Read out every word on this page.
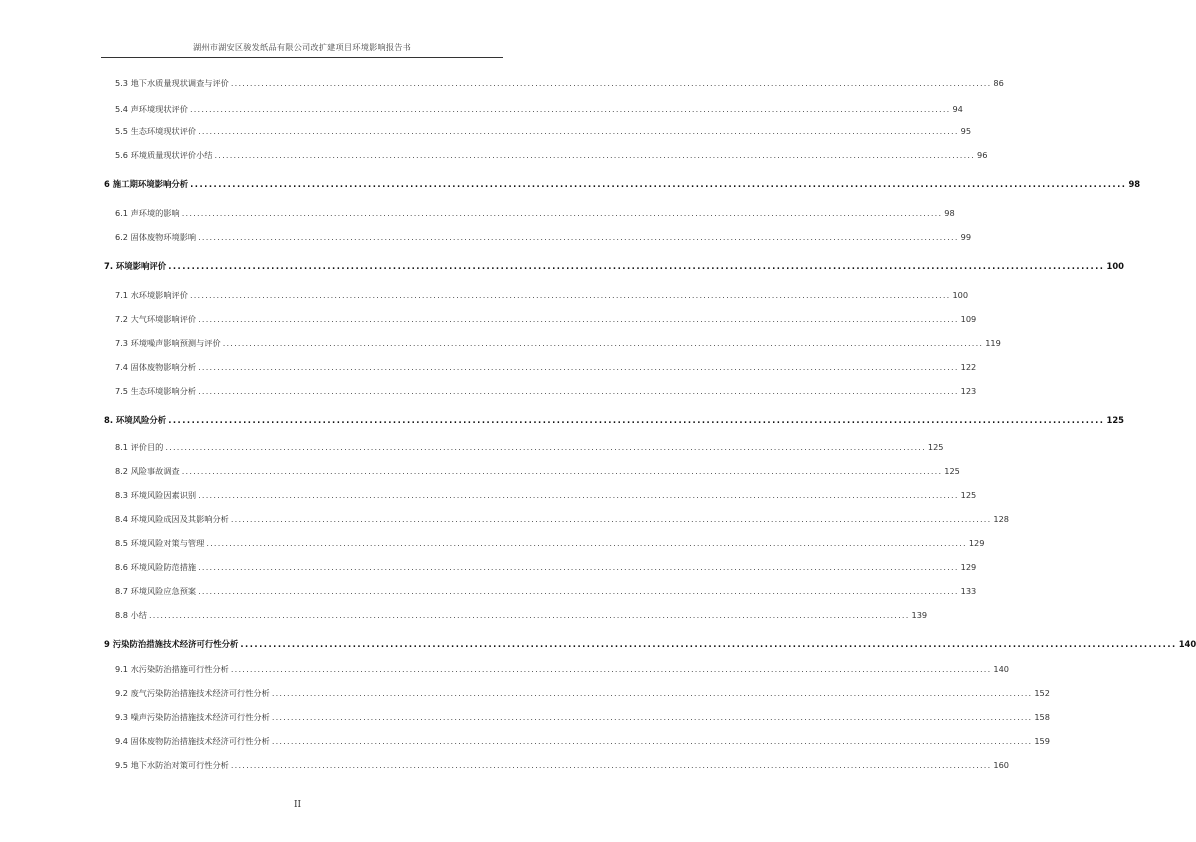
湖州市湖安区骏发纸品有限公司改扩建项目环境影响报告书
5.3 地下水质量现状调查与评价 ........................................................................................................................................................................................................ 86
5.4 声环境现状评价 ........................................................................................................................................................................................................ 94
5.5 生态环境现状评价 ........................................................................................................................................................................................................ 95
5.6 环境质量现状评价小结 ........................................................................................................................................................................................................ 96
6 施工期环境影响分析 ........................................................................................................................................................................................................ 98
6.1 声环境的影响 ........................................................................................................................................................................................................ 98
6.2 固体废物环境影响 ........................................................................................................................................................................................................ 99
7. 环境影响评价 ........................................................................................................................................................................................................ 100
7.1 水环境影响评价 ........................................................................................................................................................................................................ 100
7.2 大气环境影响评价 ........................................................................................................................................................................................................ 109
7.3 环境噪声影响预测与评价 ........................................................................................................................................................................................................ 119
7.4 固体废物影响分析 ........................................................................................................................................................................................................ 122
7.5 生态环境影响分析 ........................................................................................................................................................................................................ 123
8. 环境风险分析 ........................................................................................................................................................................................................ 125
8.1 评价目的 ........................................................................................................................................................................................................ 125
8.2 风险事故调查 ........................................................................................................................................................................................................ 125
8.3 环境风险因素识别 ........................................................................................................................................................................................................ 125
8.4 环境风险成因及其影响分析 ........................................................................................................................................................................................................ 128
8.5 环境风险对策与管理 ........................................................................................................................................................................................................ 129
8.6 环境风险防范措施 ........................................................................................................................................................................................................ 129
8.7 环境风险应急预案 ........................................................................................................................................................................................................ 133
8.8 小结 ........................................................................................................................................................................................................ 139
9 污染防治措施技术经济可行性分析 ........................................................................................................................................................................................................ 140
9.1 水污染防治措施可行性分析 ........................................................................................................................................................................................................ 140
9.2 废气污染防治措施技术经济可行性分析 ........................................................................................................................................................................................................ 152
9.3 噪声污染防治措施技术经济可行性分析 ........................................................................................................................................................................................................ 158
9.4 固体废物防治措施技术经济可行性分析 ........................................................................................................................................................................................................ 159
9.5 地下水防治对策可行性分析 ........................................................................................................................................................................................................ 160
II
